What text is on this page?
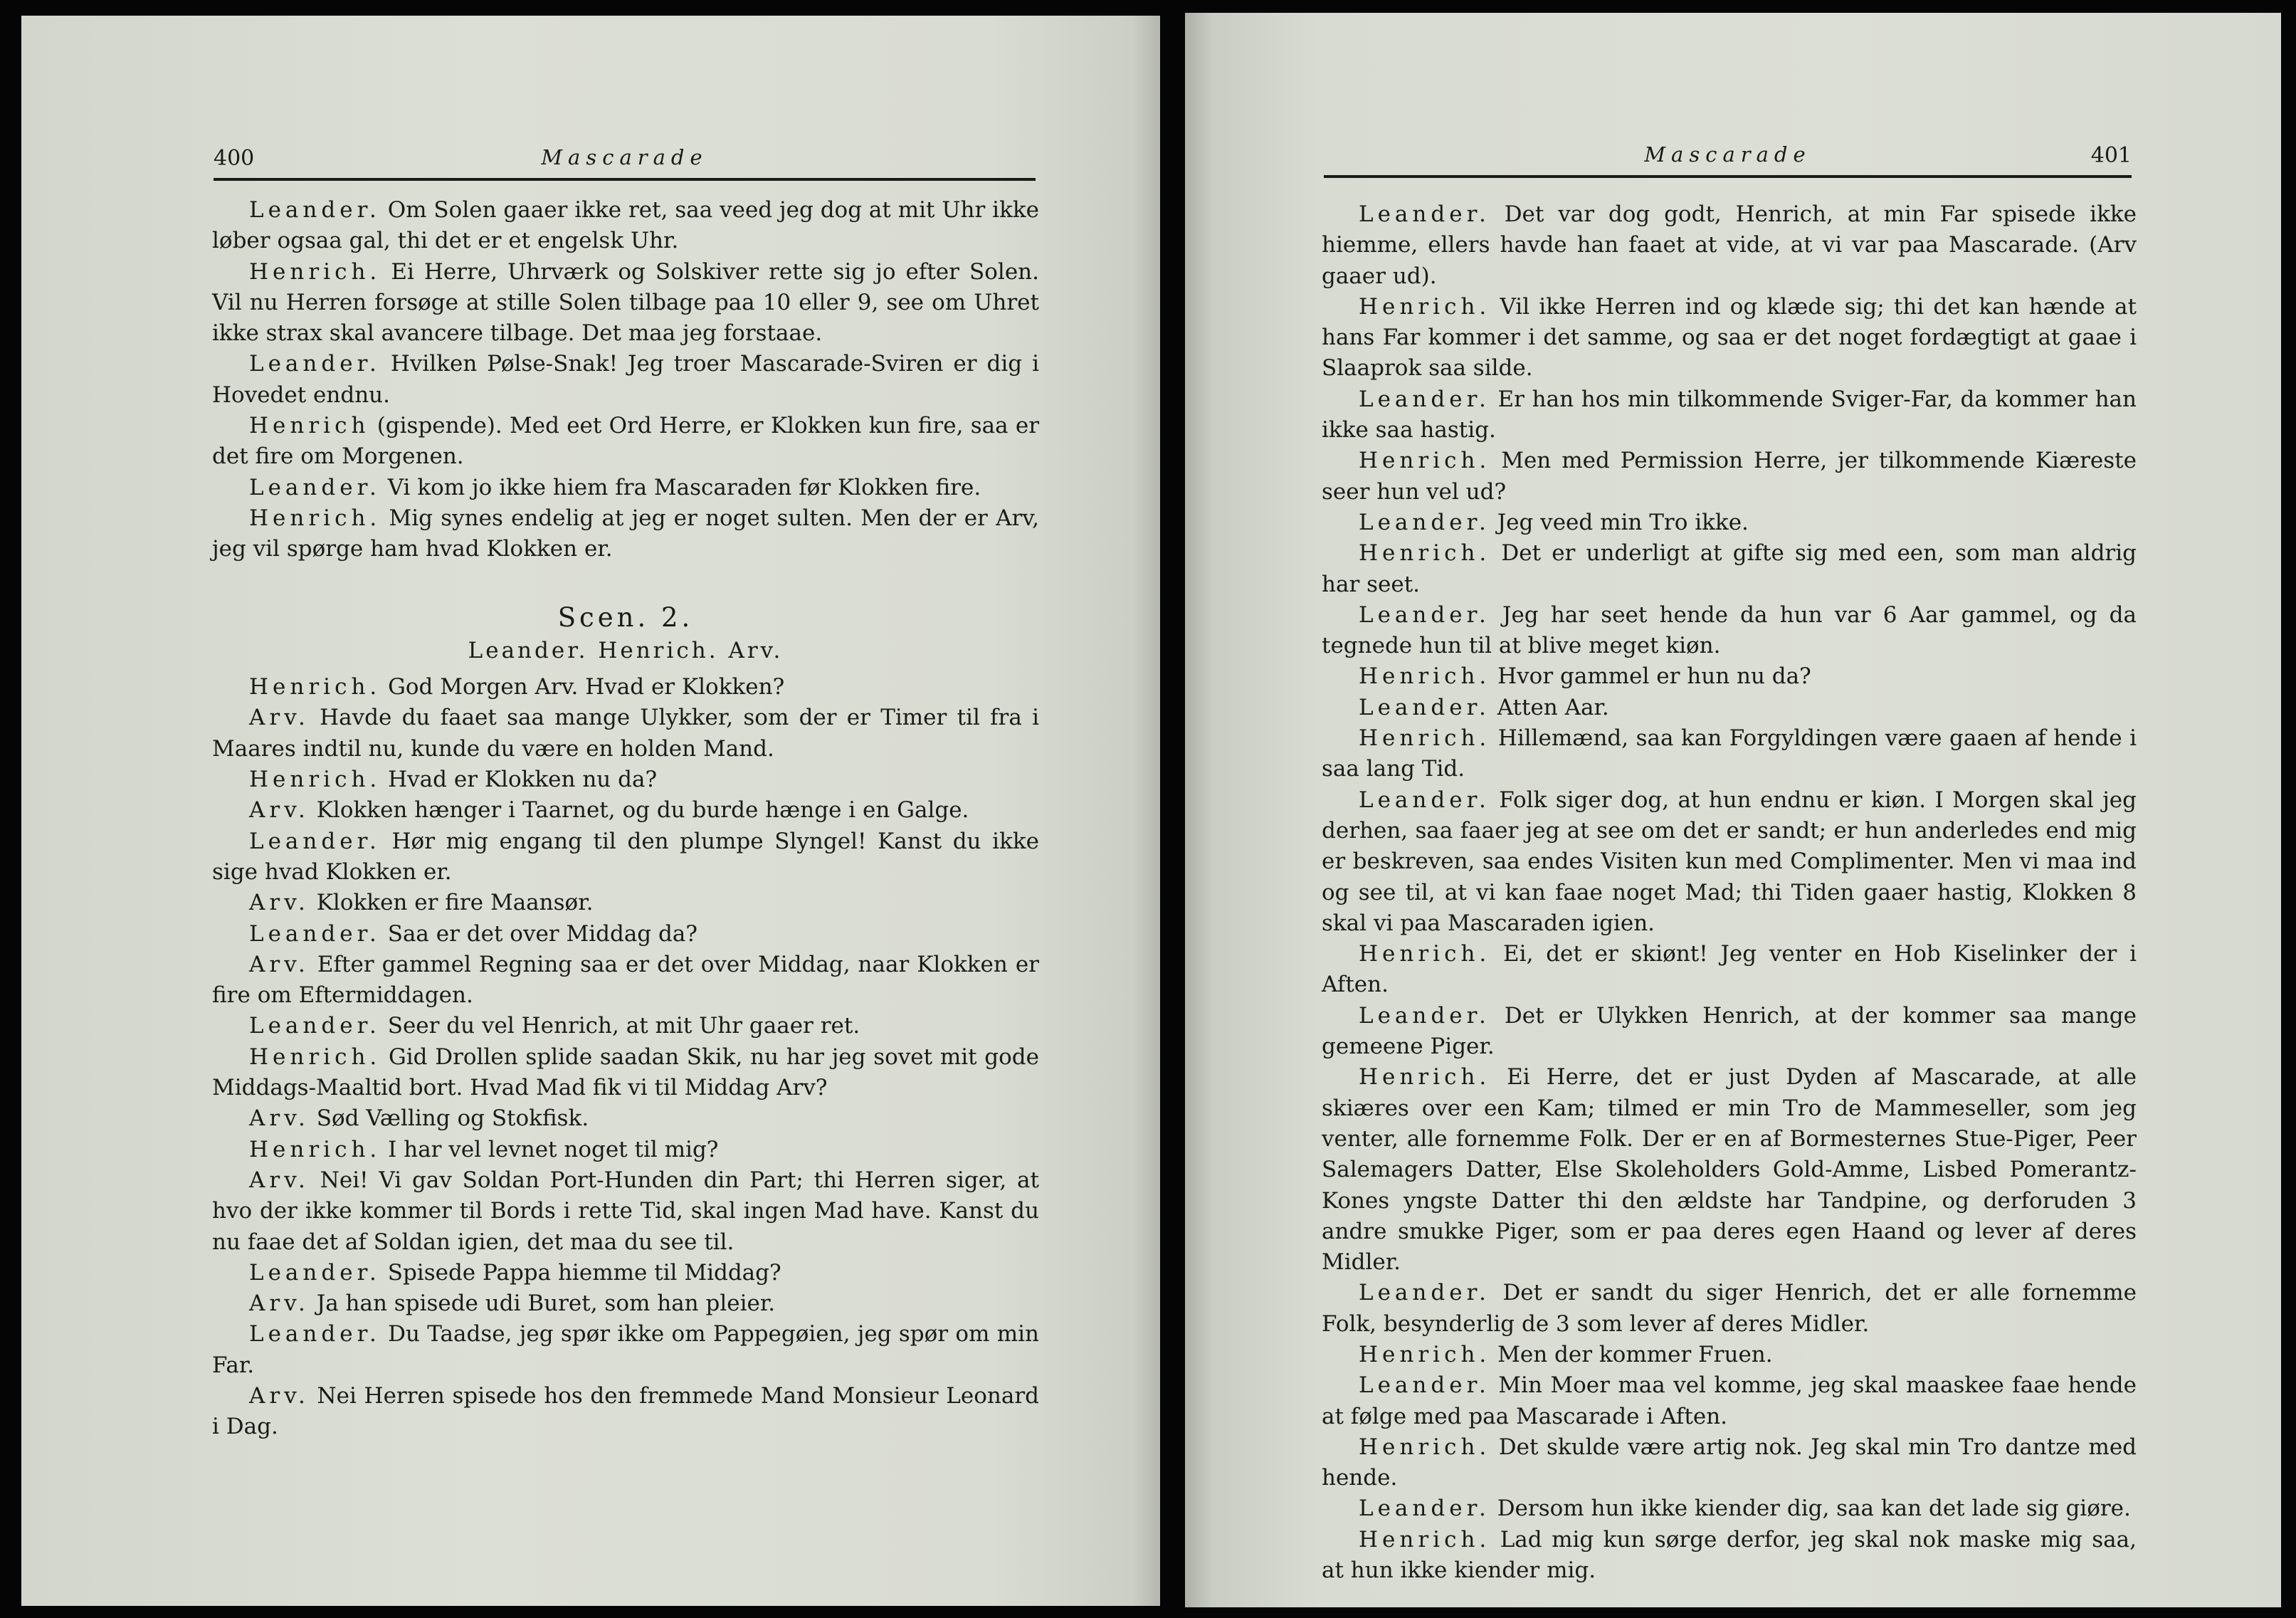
400	Mascarade

Leander. Om Solen gaaer ikke ret, saa veed jeg dog at mit Uhr ikke løber ogsaa gal, thi det er et engelsk Uhr.

Henrich. Ei Herre, Uhrværk og Solskiver rette sig jo efter Solen. Vil nu Herren forsøge at stille Solen tilbage paa 10 eller 9, see om Uhret ikke strax skal avancere tilbage. Det maa jeg forstaae.

Leander. Hvilken Pølse-Snak! Jeg troer Mascarade-Sviren er dig i Hovedet endnu.

Henrich (gispende). Med eet Ord Herre, er Klokken kun fire, saa er det fire om Morgenen.

Leander. Vi kom jo ikke hiem fra Mascaraden før Klokken fire.

Henrich. Mig synes endelig at jeg er noget sulten. Men der er Arv, jeg vil spørge ham hvad Klokken er.

Scen. 2.
Leander. Henrich. Arv.

Henrich. God Morgen Arv. Hvad er Klokken?

Arv. Havde du faaet saa mange Ulykker, som der er Timer til fra i Maares indtil nu, kunde du være en holden Mand.

Henrich. Hvad er Klokken nu da?

Arv. Klokken hænger i Taarnet, og du burde hænge i en Galge.

Leander. Hør mig engang til den plumpe Slyngel! Kanst du ikke sige hvad Klokken er.

Arv. Klokken er fire Maansør.

Leander. Saa er det over Middag da?

Arv. Efter gammel Regning saa er det over Middag, naar Klokken er fire om Eftermiddagen.

Leander. Seer du vel Henrich, at mit Uhr gaaer ret.

Henrich. Gid Drollen splide saadan Skik, nu har jeg sovet mit gode Middags-Maaltid bort. Hvad Mad fik vi til Middag Arv?

Arv. Sød Vælling og Stokfisk.

Henrich. I har vel levnet noget til mig?

Arv. Nei! Vi gav Soldan Port-Hunden din Part; thi Herren siger, at hvo der ikke kommer til Bords i rette Tid, skal ingen Mad have. Kanst du nu faae det af Soldan igien, det maa du see til.

Leander. Spisede Pappa hiemme til Middag?

Arv. Ja han spisede udi Buret, som han pleier.

Leander. Du Taadse, jeg spør ikke om Pappegøien, jeg spør om min Far.

Arv. Nei Herren spisede hos den fremmede Mand Monsieur Leonard i Dag.

Mascarade	401

Leander. Det var dog godt, Henrich, at min Far spisede ikke hiemme, ellers havde han faaet at vide, at vi var paa Mascarade. (Arv gaaer ud).

Henrich. Vil ikke Herren ind og klæde sig; thi det kan hænde at hans Far kommer i det samme, og saa er det noget fordægtigt at gaae i Slaaprok saa silde.

Leander. Er han hos min tilkommende Sviger-Far, da kommer han ikke saa hastig.

Henrich. Men med Permission Herre, jer tilkommende Kiæreste seer hun vel ud?

Leander. Jeg veed min Tro ikke.

Henrich. Det er underligt at gifte sig med een, som man aldrig har seet.

Leander. Jeg har seet hende da hun var 6 Aar gammel, og da tegnede hun til at blive meget kiøn.

Henrich. Hvor gammel er hun nu da?

Leander. Atten Aar.

Henrich. Hillemænd, saa kan Forgyldingen være gaaen af hende i saa lang Tid.

Leander. Folk siger dog, at hun endnu er kiøn. I Morgen skal jeg derhen, saa faaer jeg at see om det er sandt; er hun anderledes end mig er beskreven, saa endes Visiten kun med Complimenter. Men vi maa ind og see til, at vi kan faae noget Mad; thi Tiden gaaer hastig, Klokken 8 skal vi paa Mascaraden igien.

Henrich. Ei, det er skiønt! Jeg venter en Hob Kiselinker der i Aften.

Leander. Det er Ulykken Henrich, at der kommer saa mange gemeene Piger.

Henrich. Ei Herre, det er just Dyden af Mascarade, at alle skiæres over een Kam; tilmed er min Tro de Mammeseller, som jeg venter, alle fornemme Folk. Der er en af Bormesternes Stue-Piger, Peer Salemagers Datter, Else Skoleholders Gold-Amme, Lisbed Pomerantz-Kones yngste Datter thi den ældste har Tandpine, og derforuden 3 andre smukke Piger, som er paa deres egen Haand og lever af deres Midler.

Leander. Det er sandt du siger Henrich, det er alle fornemme Folk, besynderlig de 3 som lever af deres Midler.

Henrich. Men der kommer Fruen.

Leander. Min Moer maa vel komme, jeg skal maaskee faae hende at følge med paa Mascarade i Aften.

Henrich. Det skulde være artig nok. Jeg skal min Tro dantze med hende.

Leander. Dersom hun ikke kiender dig, saa kan det lade sig giøre.

Henrich. Lad mig kun sørge derfor, jeg skal nok maske mig saa, at hun ikke kiender mig.
